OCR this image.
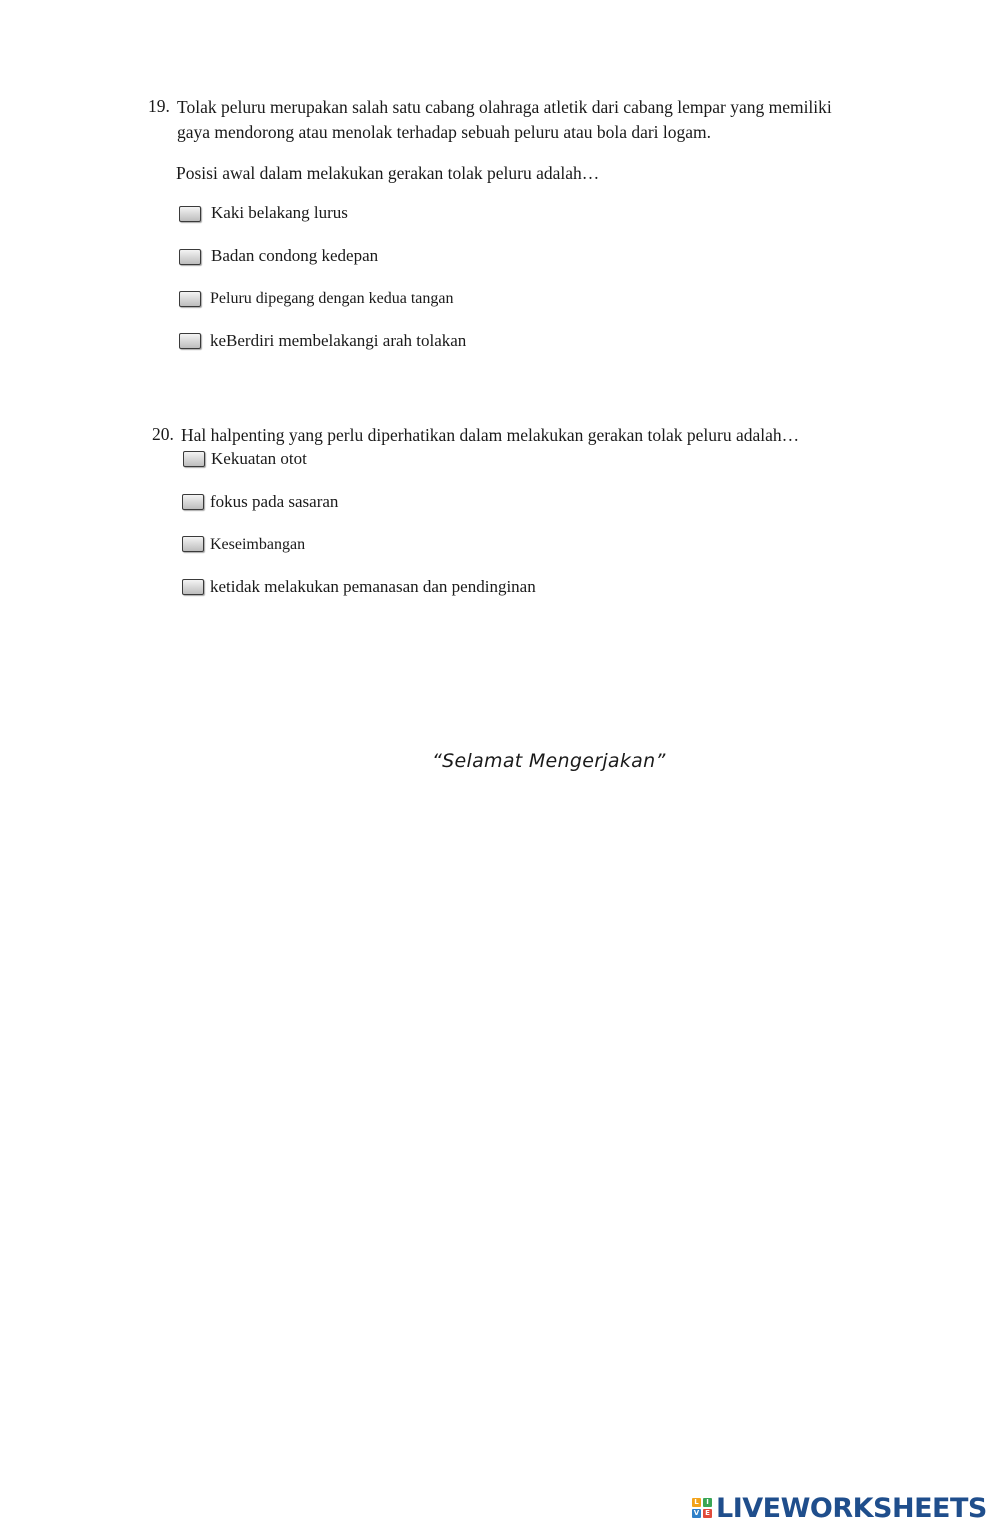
19. Tolak peluru merupakan salah satu cabang olahraga atletik dari cabang lempar yang memiliki
gaya mendorong atau menolak terhadap sebuah peluru atau bola dari logam.
Posisi awal dalam melakukan gerakan tolak peluru adalah…
Kaki belakang lurus
Badan condong kedepan
Peluru dipegang dengan kedua tangan
keBerdiri membelakangi arah tolakan
20. Hal halpenting yang perlu diperhatikan dalam melakukan gerakan tolak peluru adalah…
Kekuatan otot
fokus pada sasaran
Keseimbangan
ketidak melakukan pemanasan dan pendinginan
“Selamat Mengerjakan”
L	I
V E LIVEWORKSHEETS
